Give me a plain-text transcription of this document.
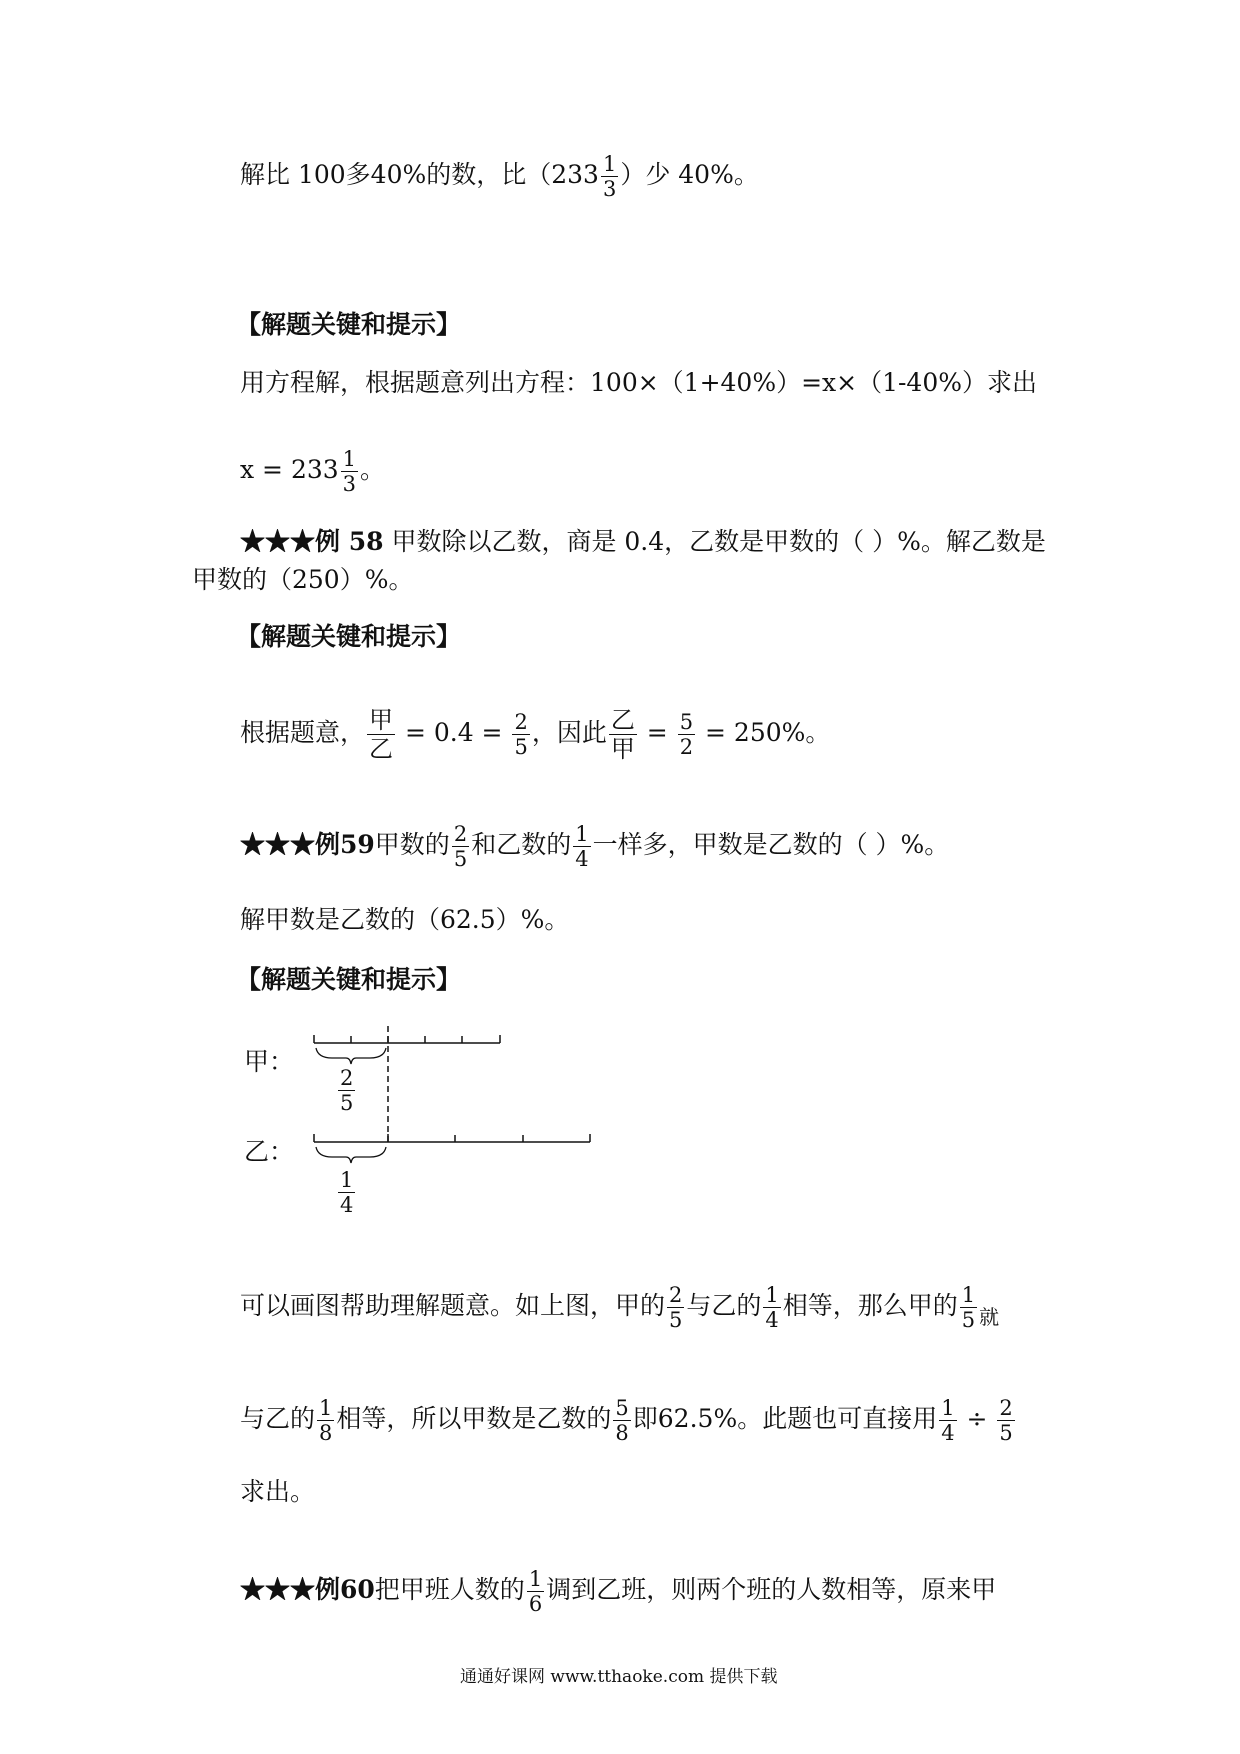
解比 100多40%的数，比（$233 \frac{1}{3}$ ）少 40%。
【解题关键和提示】
用方程解，根据题意列出方程：100×（1+40%）=x×（1-40%）求出
$x = 233 \frac{1}{3}$ 。
★★★例 58 甲数除以乙数，商是 0.4，乙数是甲数的（ ）%。解乙数是
甲数的（250）%。
【解题关键和提示】
根据题意， $\frac{\text{甲}}{\text{乙}} = 0.4 = \frac{2}{5}$ ，因此 $\frac{\text{乙}}{\text{甲}} = \frac{5}{2} = 250\%$。
★★★例59甲数的 $\frac{2}{5}$ 和乙数的 $\frac{1}{4}$ 一样多，甲数是乙数的（ ）%。
解甲数是乙数的（62.5）%。
【解题关键和提示】
甲：
乙：
$\frac{2}{5}$
$\frac{1}{4}$
可以画图帮助理解题意。如上图，甲的 $\frac{2}{5}$ 与乙的 $\frac{1}{4}$ 相等，那么甲的 $\frac{1}{5} _就$
与乙的 $\frac{1}{8}$ 相等，所以甲数是乙数的 $\frac{5}{8}$ 即62.5%。此题也可直接用 $\frac{1}{4} \div \frac{2}{5}$
求出。
★★★例60把甲班人数的 $\frac{1}{6}$ 调到乙班，则两个班的人数相等，原来甲
通通好课网 www.tthaoke.com 提供下载
